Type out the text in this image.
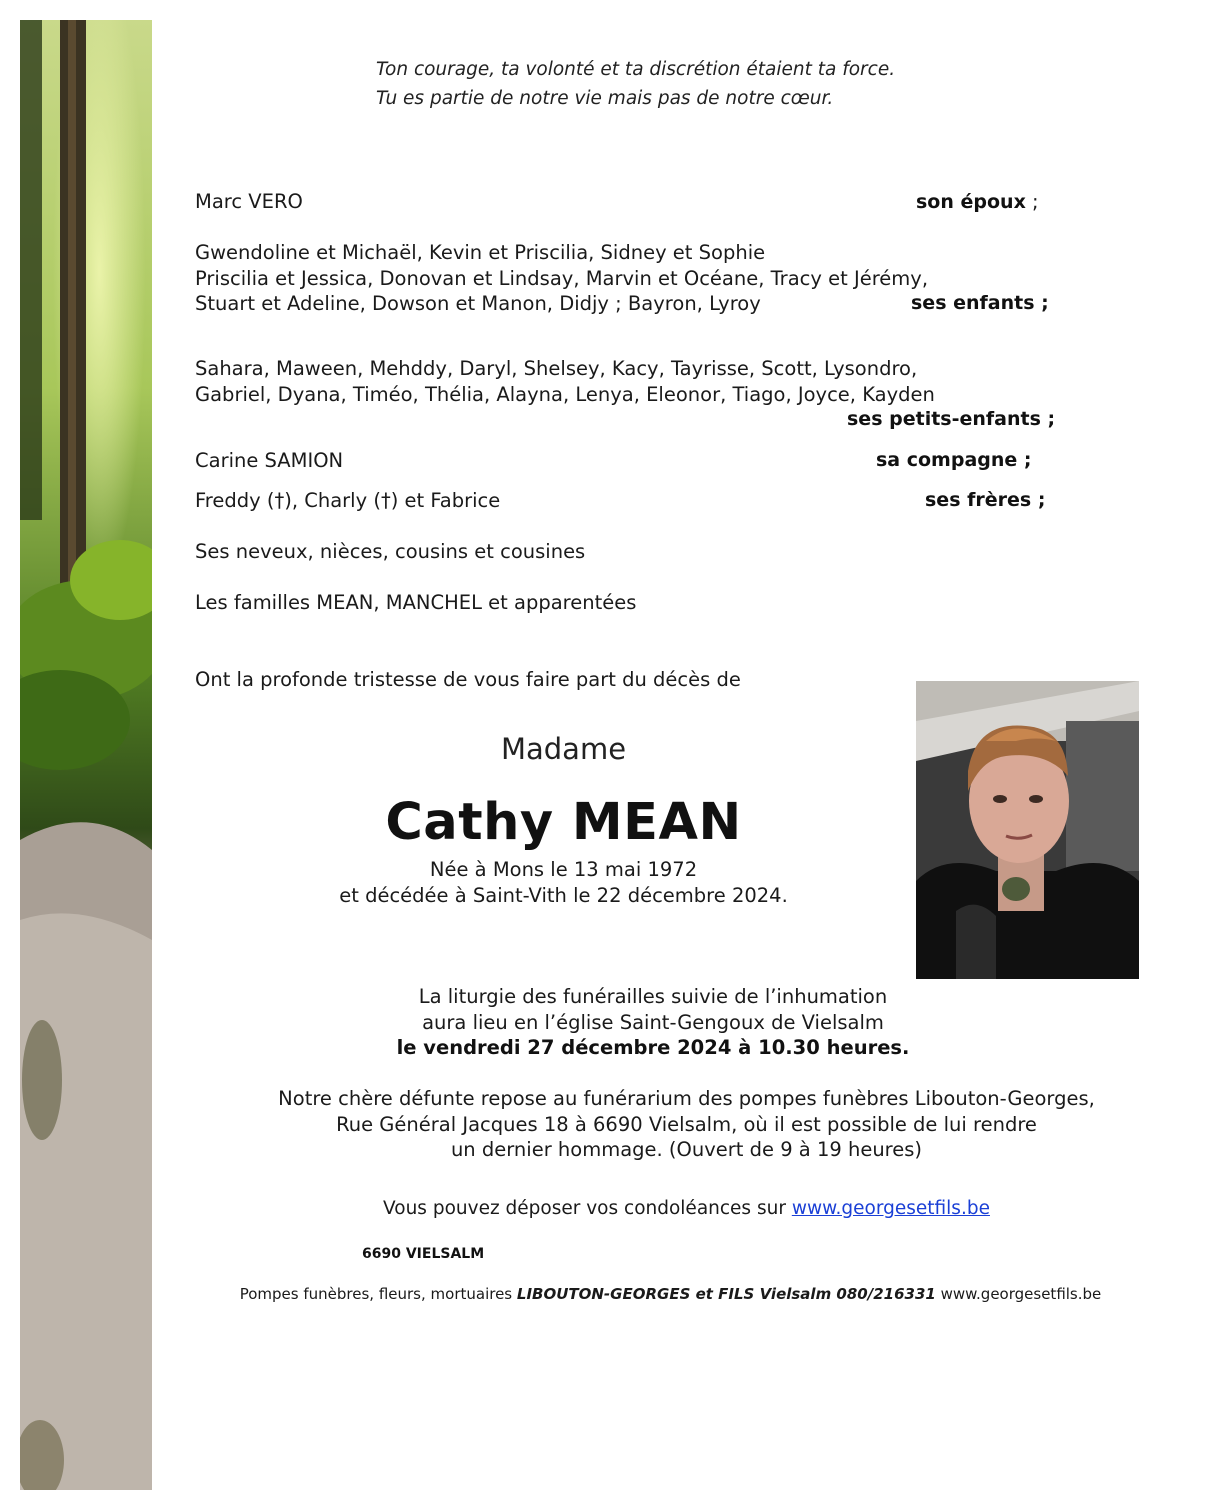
Ton courage, ta volonté et ta discrétion étaient ta force.
Tu es partie de notre vie mais pas de notre cœur.
Marc VERO	son époux ;
Gwendoline et Michaël, Kevin et Priscilia, Sidney et Sophie
Priscilia et Jessica, Donovan et Lindsay, Marvin et Océane, Tracy et Jérémy,
Stuart et Adeline, Dowson et Manon, Didjy ; Bayron, Lyroy	ses enfants ;
Sahara, Maween, Mehddy, Daryl, Shelsey, Kacy, Tayrisse, Scott, Lysondro,
Gabriel, Dyana, Timéo, Thélia, Alayna, Lenya, Eleonor, Tiago, Joyce, Kayden
ses petits-enfants ;
Carine SAMION	sa compagne ;
Freddy (†), Charly (†) et Fabrice	ses frères ;
Ses neveux, nièces, cousins et cousines
Les familles MEAN, MANCHEL et apparentées
Ont la profonde tristesse de vous faire part du décès de
Madame
Cathy MEAN
Née à Mons le 13 mai 1972
et décédée à Saint-Vith le 22 décembre 2024.
La liturgie des funérailles suivie de l’inhumation
aura lieu en l’église Saint-Gengoux de Vielsalm
le vendredi 27 décembre 2024 à 10.30 heures.
Notre chère défunte repose au funérarium des pompes funèbres Libouton-Georges,
Rue Général Jacques 18 à 6690 Vielsalm, où il est possible de lui rendre
un dernier hommage. (Ouvert de 9 à 19 heures)
Vous pouvez déposer vos condoléances sur www.georgesetfils.be
6690 VIELSALM
Pompes funèbres, fleurs, mortuaires LIBOUTON-GEORGES et FILS Vielsalm 080/216331 www.georgesetfils.be
